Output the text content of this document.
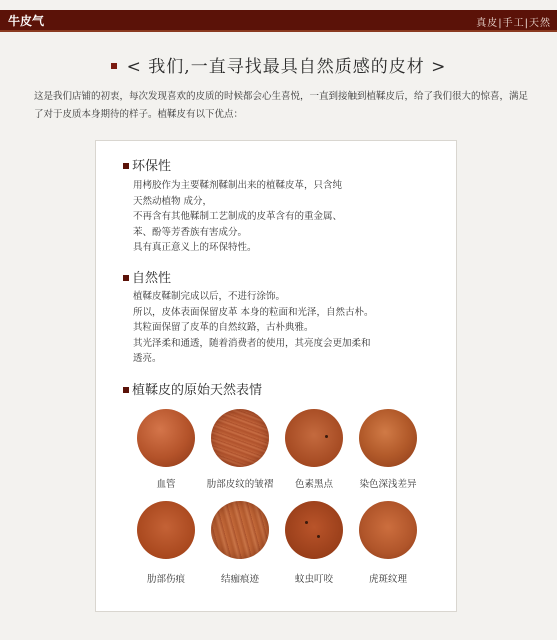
牛皮气	真皮|手工|天然
< 我们,一直寻找最具自然质感的皮材 >
这是我们店铺的初衷，每次发现喜欢的皮质的时候都会心生喜悦，一直到接触到植鞣皮后，给了我们很大的惊喜，满足了对于皮质本身期待的样子。植鞣皮有以下优点：
环保性
用栲胶作为主要鞣剂鞣制出来的植鞣皮革，只含纯
天然动植物 成分，
不再含有其他鞣制工艺制成的皮革含有的重金属、
苯、酚等芳香族有害成分。
具有真正意义上的环保特性。
自然性
植鞣皮鞣制完成以后，不进行涂饰。
所以，皮体表面保留皮革 本身的粒面和光泽，自然古朴。
其粒面保留了皮革的自然纹路，古朴典雅。
其光泽柔和通透，随着消费者的使用，其亮度会更加柔和
透亮。
植鞣皮的原始天然表情
血管	肋部皮纹的皱褶	色素黑点	染色深浅差异
肋部伤痕	结痂痕迹	蚊虫叮咬	虎斑纹理
